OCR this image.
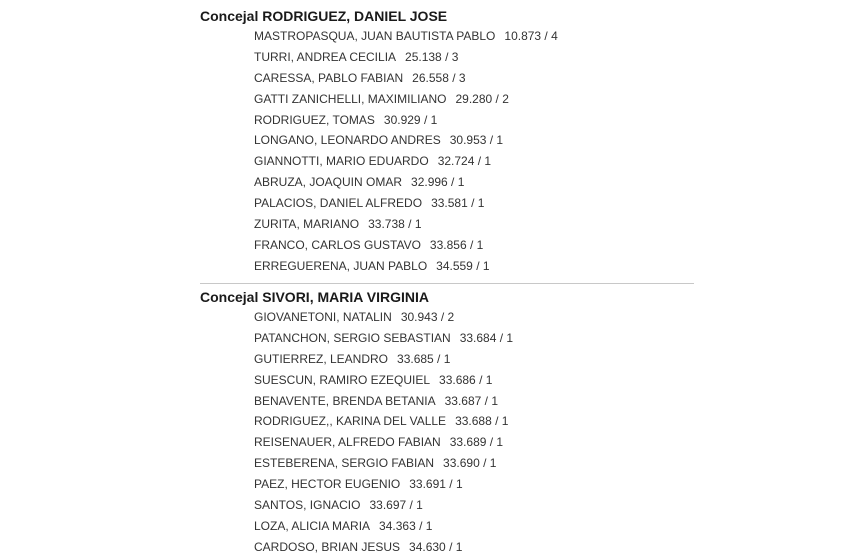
Concejal RODRIGUEZ, DANIEL JOSE
MASTROPASQUA, JUAN BAUTISTA PABLO 10.873 / 4
TURRI, ANDREA CECILIA 25.138 / 3
CARESSA, PABLO FABIAN 26.558 / 3
GATTI ZANICHELLI, MAXIMILIANO 29.280 / 2
RODRIGUEZ, TOMAS 30.929 / 1
LONGANO, LEONARDO ANDRES 30.953 / 1
GIANNOTTI, MARIO EDUARDO 32.724 / 1
ABRUZA, JOAQUIN OMAR 32.996 / 1
PALACIOS, DANIEL ALFREDO 33.581 / 1
ZURITA, MARIANO 33.738 / 1
FRANCO, CARLOS GUSTAVO 33.856 / 1
ERREGUERENA, JUAN PABLO 34.559 / 1
Concejal SIVORI, MARIA VIRGINIA
GIOVANETONI, NATALIN 30.943 / 2
PATANCHON, SERGIO SEBASTIAN 33.684 / 1
GUTIERREZ, LEANDRO 33.685 / 1
SUESCUN, RAMIRO EZEQUIEL 33.686 / 1
BENAVENTE, BRENDA BETANIA 33.687 / 1
RODRIGUEZ,, KARINA DEL VALLE 33.688 / 1
REISENAUER, ALFREDO FABIAN 33.689 / 1
ESTEBERENA, SERGIO FABIAN 33.690 / 1
PAEZ, HECTOR EUGENIO 33.691 / 1
SANTOS, IGNACIO 33.697 / 1
LOZA, ALICIA MARIA 34.363 / 1
CARDOSO, BRIAN JESUS 34.630 / 1
